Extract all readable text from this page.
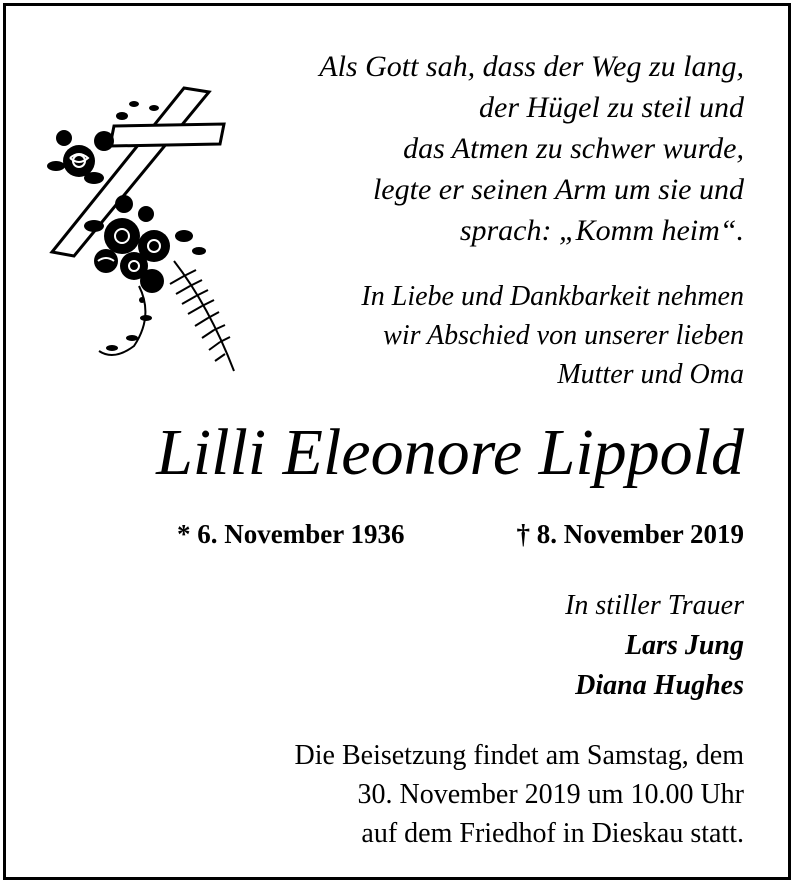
Als Gott sah, dass der Weg zu lang,
der Hügel zu steil und
das Atmen zu schwer wurde,
legte er seinen Arm um sie und
sprach: „Komm heim“.
In Liebe und Dankbarkeit nehmen
wir Abschied von unserer lieben
Mutter und Oma
Lilli Eleonore Lippold
* 6. November 1936	† 8. November 2019
In stiller Trauer
Lars Jung
Diana Hughes
Die Beisetzung findet am Samstag, dem
30. November 2019 um 10.00 Uhr
auf dem Friedhof in Dieskau statt.
